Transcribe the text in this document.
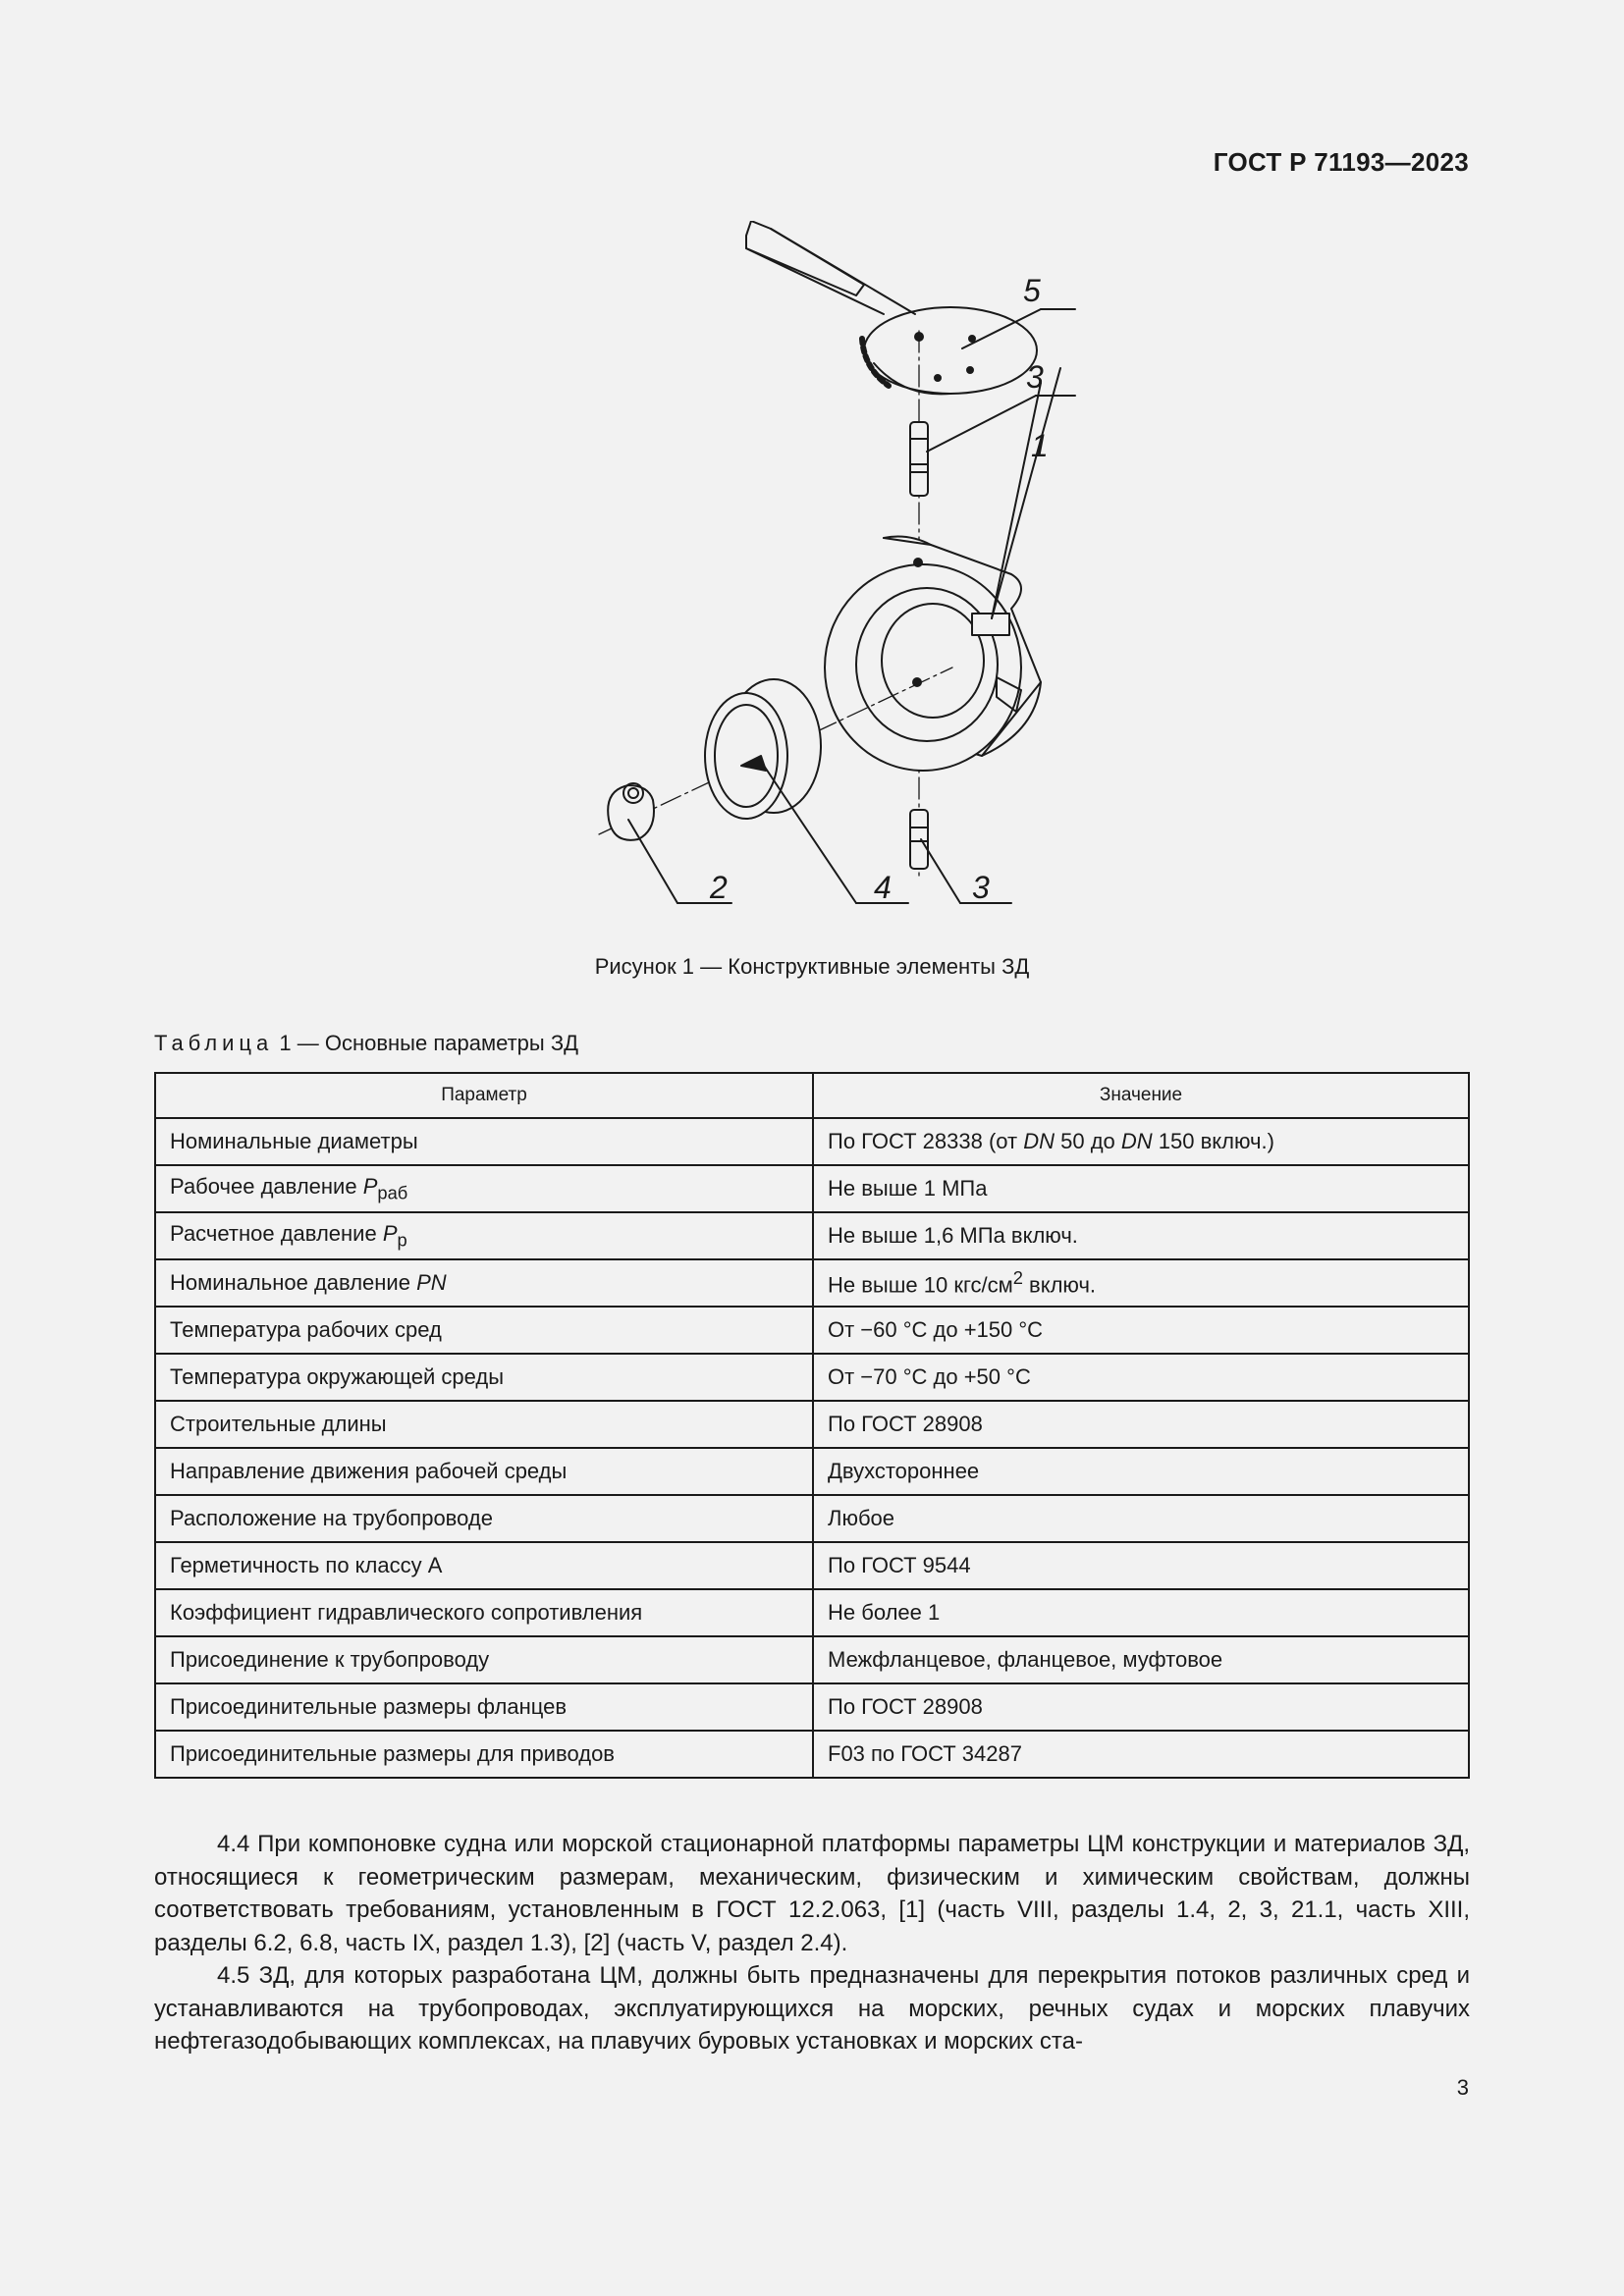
ГОСТ Р 71193—2023
5
3
1
2	4	3
Рисунок 1 — Конструктивные элементы ЗД
Таблица 1 — Основные параметры ЗД
Параметр	Значение
Номинальные диаметры	По ГОСТ 28338 (от DN 50 до DN 150 включ.)
Рабочее давление $P_{раб}$	Не выше 1 МПа
Расчетное давление $P_р$	Не выше 1,6 МПа включ.
Номинальное давление PN	Не выше 10 кгс/$см^2$ включ.
Температура рабочих сред	От −60 °С до +150 °С
Температура окружающей среды	От −70 °С до +50 °С
Строительные длины	По ГОСТ 28908
Направление движения рабочей среды	Двухстороннее
Расположение на трубопроводе	Любое
Герметичность по классу А	По ГОСТ 9544
Коэффициент гидравлического сопротивления	Не более 1
Присоединение к трубопроводу	Межфланцевое, фланцевое, муфтовое
Присоединительные размеры фланцев	По ГОСТ 28908
Присоединительные размеры для приводов	F03 по ГОСТ 34287

4.4 При компоновке судна или морской стационарной платформы параметры ЦМ конструкции и материалов ЗД, относящиеся к геометрическим размерам, механическим, физическим и химическим свойствам, должны соответствовать требованиям, установленным в ГОСТ 12.2.063, [1] (часть VIII, разделы 1.4, 2, 3, 21.1, часть XIII, разделы 6.2, 6.8, часть IX, раздел 1.3), [2] (часть V, раздел 2.4).

4.5 ЗД, для которых разработана ЦМ, должны быть предназначены для перекрытия потоков различных сред и устанавливаются на трубопроводах, эксплуатирующихся на морских, речных судах и морских плавучих нефтегазодобывающих комплексах, на плавучих буровых установках и морских ста-

3
